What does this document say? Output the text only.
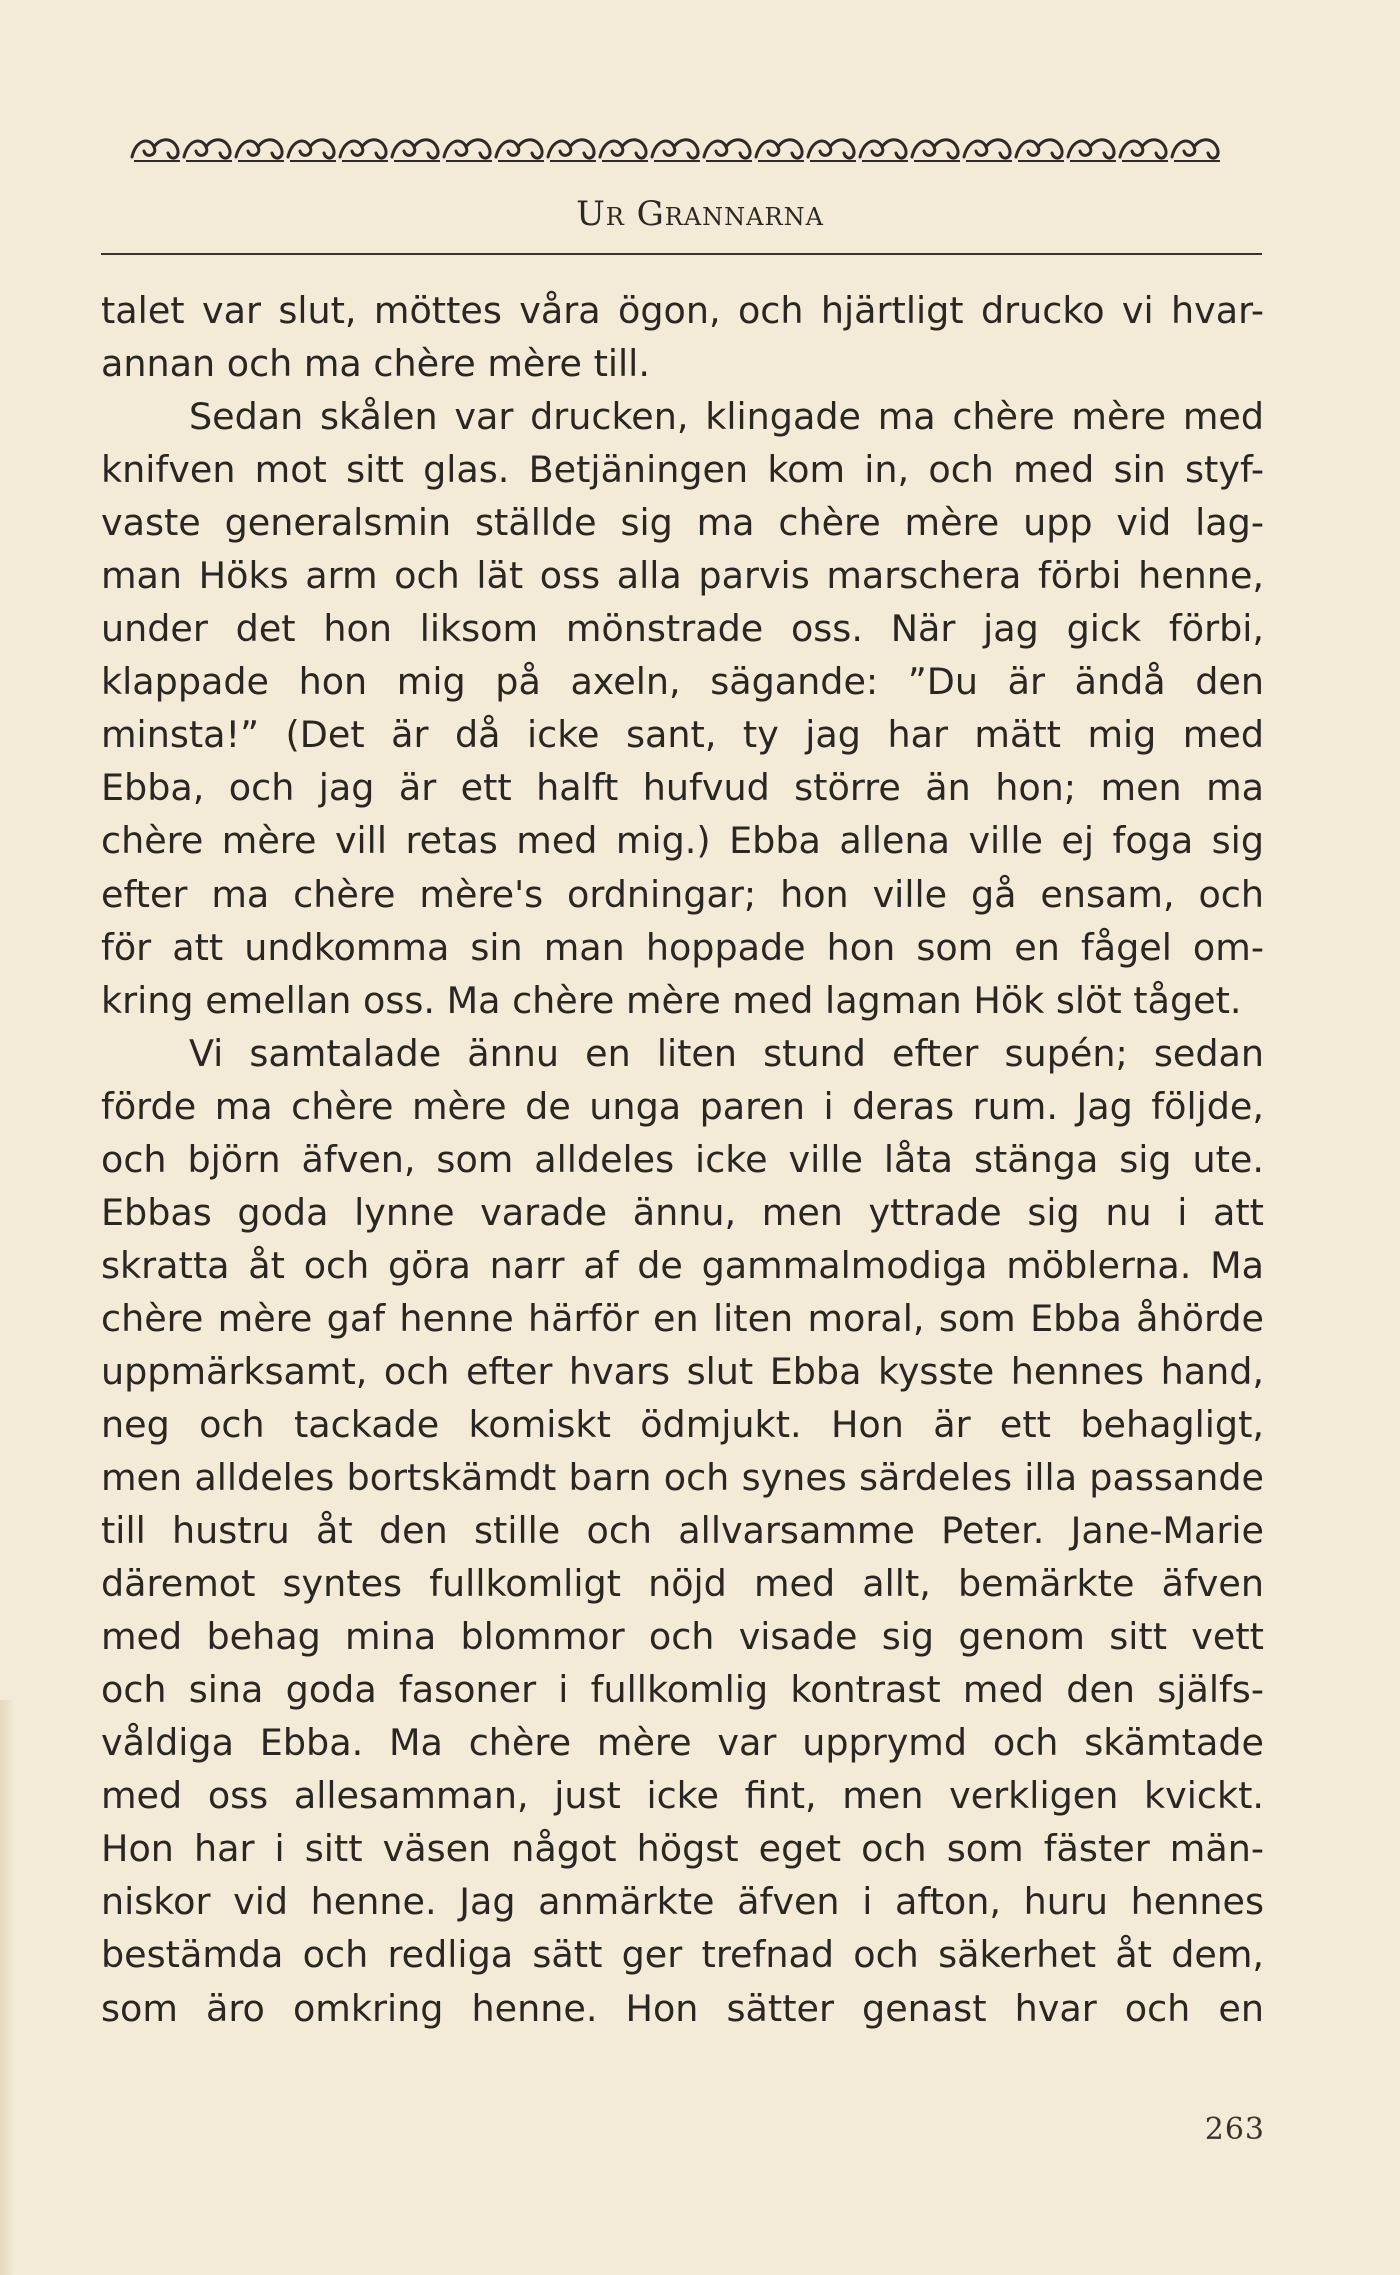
Ur Grannarna
talet var slut, möttes våra ögon, och hjärtligt drucko vi hvar-
annan och ma chère mère till.
Sedan skålen var drucken, klingade ma chère mère med
knifven mot sitt glas. Betjäningen kom in, och med sin styf-
vaste generalsmin ställde sig ma chère mère upp vid lag-
man Höks arm och lät oss alla parvis marschera förbi henne,
under det hon liksom mönstrade oss. När jag gick förbi,
klappade hon mig på axeln, sägande: ”Du är ändå den
minsta!” (Det är då icke sant, ty jag har mätt mig med
Ebba, och jag är ett halft hufvud större än hon; men ma
chère mère vill retas med mig.) Ebba allena ville ej foga sig
efter ma chère mère's ordningar; hon ville gå ensam, och
för att undkomma sin man hoppade hon som en fågel om-
kring emellan oss. Ma chère mère med lagman Hök slöt tåget.
Vi samtalade ännu en liten stund efter supén; sedan
förde ma chère mère de unga paren i deras rum. Jag följde,
och björn äfven, som alldeles icke ville låta stänga sig ute.
Ebbas goda lynne varade ännu, men yttrade sig nu i att
skratta åt och göra narr af de gammalmodiga möblerna. Ma
chère mère gaf henne härför en liten moral, som Ebba åhörde
uppmärksamt, och efter hvars slut Ebba kysste hennes hand,
neg och tackade komiskt ödmjukt. Hon är ett behagligt,
men alldeles bortskämdt barn och synes särdeles illa passande
till hustru åt den stille och allvarsamme Peter. Jane-Marie
däremot syntes fullkomligt nöjd med allt, bemärkte äfven
med behag mina blommor och visade sig genom sitt vett
och sina goda fasoner i fullkomlig kontrast med den själfs-
våldiga Ebba. Ma chère mère var upprymd och skämtade
med oss allesamman, just icke fint, men verkligen kvickt.
Hon har i sitt väsen något högst eget och som fäster män-
niskor vid henne. Jag anmärkte äfven i afton, huru hennes
bestämda och redliga sätt ger trefnad och säkerhet åt dem,
som äro omkring henne. Hon sätter genast hvar och en
263
